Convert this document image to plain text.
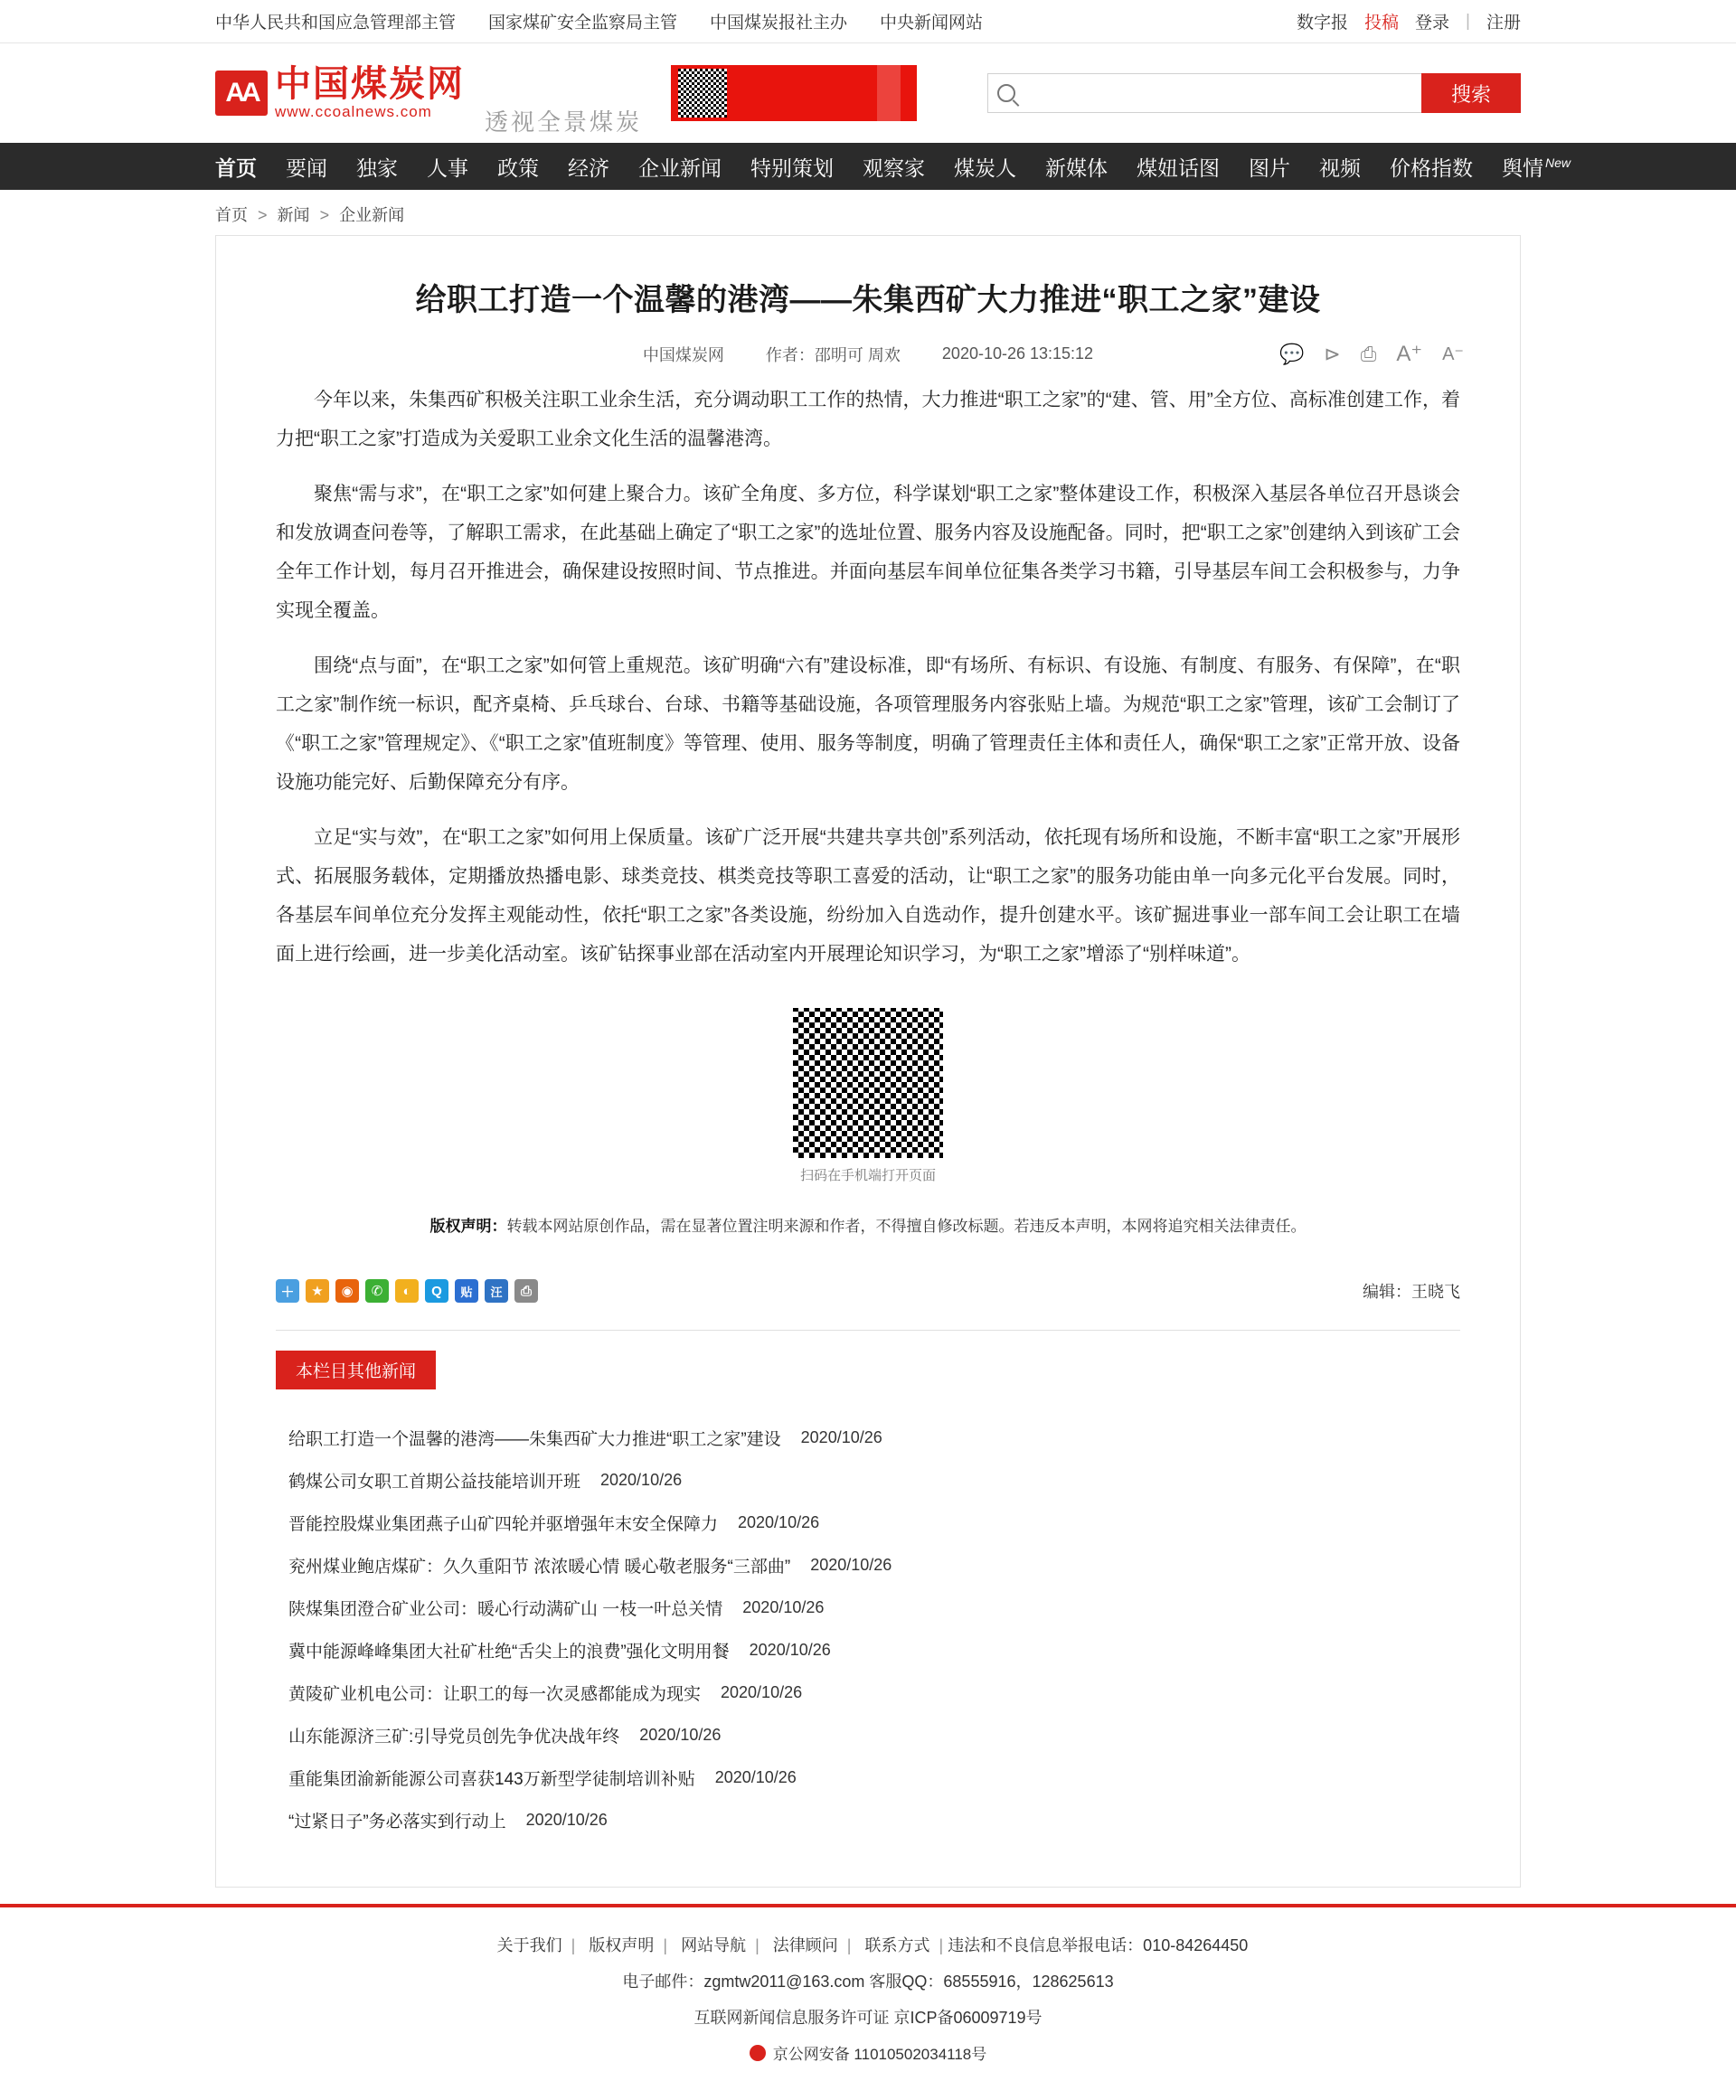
中华人民共和国应急管理部主管 国家煤矿安全监察局主管 中国煤炭报社主办 中央新闻网站	数字报 投稿 登录 | 注册
AA 中国煤炭网
www.ccoalnews.com	透视全景煤炭
搜索
首页 要闻 独家 人事 政策 经济 企业新闻 特别策划 观察家 煤炭人 新媒体 煤妞话图 图片 视频 价格指数 舆情 $^{New}$
首页 > 新闻 > 企业新闻
给职工打造一个温馨的港湾——朱集西矿大力推进“职工之家”建设
中国煤炭网	作者：邵明可 周欢	2020-10-26 13:15:12	💬 ⊳ ⎙ A⁺ A⁻

今年以来，朱集西矿积极关注职工业余生活，充分调动职工工作的热情，大力推进“职工之家”的“建、管、用”全方位、高标准创建工作，着力把“职工之家”打造成为关爱职工业余文化生活的温馨港湾。

聚焦“需与求”，在“职工之家”如何建上聚合力。该矿全角度、多方位，科学谋划“职工之家”整体建设工作，积极深入基层各单位召开恳谈会和发放调查问卷等，了解职工需求，在此基础上确定了“职工之家”的选址位置、服务内容及设施配备。同时，把“职工之家”创建纳入到该矿工会全年工作计划，每月召开推进会，确保建设按照时间、节点推进。并面向基层车间单位征集各类学习书籍，引导基层车间工会积极参与，力争实现全覆盖。

围绕“点与面”，在“职工之家”如何管上重规范。该矿明确“六有”建设标准，即“有场所、有标识、有设施、有制度、有服务、有保障”，在“职工之家”制作统一标识，配齐桌椅、乒乓球台、台球、书籍等基础设施，各项管理服务内容张贴上墙。为规范“职工之家”管理，该矿工会制订了《“职工之家”管理规定》、《“职工之家”值班制度》等管理、使用、服务等制度，明确了管理责任主体和责任人，确保“职工之家”正常开放、设备设施功能完好、后勤保障充分有序。

立足“实与效”，在“职工之家”如何用上保质量。该矿广泛开展“共建共享共创”系列活动，依托现有场所和设施，不断丰富“职工之家”开展形式、拓展服务载体，定期播放热播电影、球类竞技、棋类竞技等职工喜爱的活动，让“职工之家”的服务功能由单一向多元化平台发展。同时，各基层车间单位充分发挥主观能动性，依托“职工之家”各类设施，纷纷加入自选动作，提升创建水平。该矿掘进事业一部车间工会让职工在墙面上进行绘画，进一步美化活动室。该矿钻探事业部在活动室内开展理论知识学习，为“职工之家”增添了“别样味道”。

扫码在手机端打开页面
版权声明：转载本网站原创作品，需在显著位置注明来源和作者，不得擅自修改标题。若违反本声明，本网将追究相关法律责任。
＋	★	◉	✆	◐	Q	贴	汪	⎙	编辑：王晓飞
本栏目其他新闻
给职工打造一个温馨的港湾——朱集西矿大力推进“职工之家”建设 2020/10/26
鹤煤公司女职工首期公益技能培训开班 2020/10/26
晋能控股煤业集团燕子山矿四轮并驱增强年末安全保障力 2020/10/26
兖州煤业鲍店煤矿：久久重阳节 浓浓暖心情 暖心敬老服务“三部曲” 2020/10/26
陕煤集团澄合矿业公司：暖心行动满矿山 一枝一叶总关情 2020/10/26
冀中能源峰峰集团大社矿杜绝“舌尖上的浪费”强化文明用餐 2020/10/26
黄陵矿业机电公司：让职工的每一次灵感都能成为现实 2020/10/26
山东能源济三矿:引导党员创先争优决战年终 2020/10/26
重能集团渝新能源公司喜获143万新型学徒制培训补贴 2020/10/26
“过紧日子”务必落实到行动上 2020/10/26
关于我们 | 版权声明 | 网站导航 | 法律顾问 | 联系方式 | 违法和不良信息举报电话：010-84264450
电子邮件：zgmtw2011@163.com 客服QQ：68555916，128625613
互联网新闻信息服务许可证 京ICP备06009719号
京公网安备 11010502034118号
